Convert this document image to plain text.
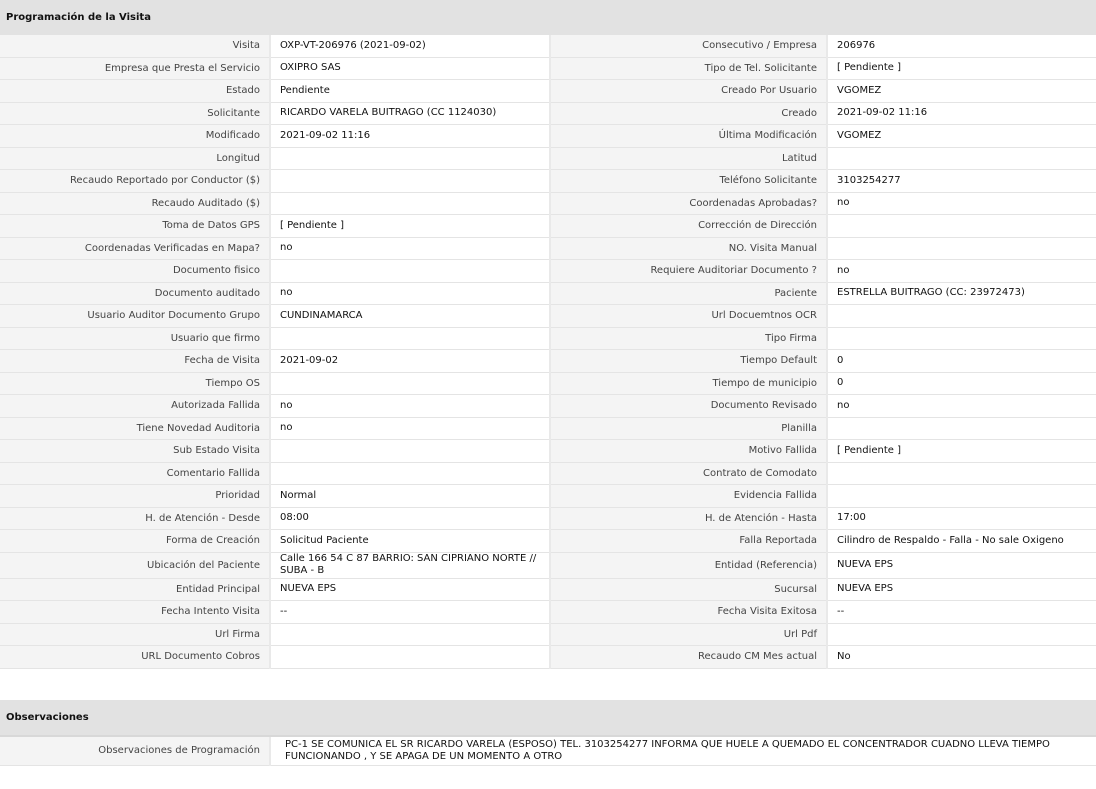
Programación de la Visita
Visita	OXP-VT-206976 (2021-09-02)	Consecutivo / Empresa	206976
Empresa que Presta el Servicio	OXIPRO SAS	Tipo de Tel. Solicitante	[ Pendiente ]
Estado	Pendiente	Creado Por Usuario	VGOMEZ
Solicitante	RICARDO VARELA BUITRAGO (CC 1124030)	Creado	2021-09-02 11:16
Modificado	2021-09-02 11:16	Última Modificación	VGOMEZ
Longitud		Latitud	
Recaudo Reportado por Conductor ($)		Teléfono Solicitante	3103254277
Recaudo Auditado ($)		Coordenadas Aprobadas?	no
Toma de Datos GPS	[ Pendiente ]	Corrección de Dirección	
Coordenadas Verificadas en Mapa?	no	NO. Visita Manual	
Documento fisico		Requiere Auditoriar Documento ?	no
Documento auditado	no	Paciente	ESTRELLA BUITRAGO (CC: 23972473)
Usuario Auditor Documento Grupo	CUNDINAMARCA	Url Docuemtnos OCR	
Usuario que firmo		Tipo Firma	
Fecha de Visita	2021-09-02	Tiempo Default	0
Tiempo OS		Tiempo de municipio	0
Autorizada Fallida	no	Documento Revisado	no
Tiene Novedad Auditoria	no	Planilla	
Sub Estado Visita		Motivo Fallida	[ Pendiente ]
Comentario Fallida		Contrato de Comodato	
Prioridad	Normal	Evidencia Fallida	
H. de Atención - Desde	08:00	H. de Atención - Hasta	17:00
Forma de Creación	Solicitud Paciente	Falla Reportada	Cilindro de Respaldo - Falla - No sale Oxigeno
Ubicación del Paciente	Calle 166 54 C 87 BARRIO: SAN CIPRIANO NORTE // SUBA - B	Entidad (Referencia)	NUEVA EPS
Entidad Principal	NUEVA EPS	Sucursal	NUEVA EPS
Fecha Intento Visita	--	Fecha Visita Exitosa	--
Url Firma		Url Pdf	
URL Documento Cobros		Recaudo CM Mes actual	No
Observaciones
Observaciones de Programación	PC-1 SE COMUNICA EL SR RICARDO VARELA (ESPOSO) TEL. 3103254277 INFORMA QUE HUELE A QUEMADO EL CONCENTRADOR CUADNO LLEVA TIEMPO FUNCIONANDO , Y SE APAGA DE UN MOMENTO A OTRO
